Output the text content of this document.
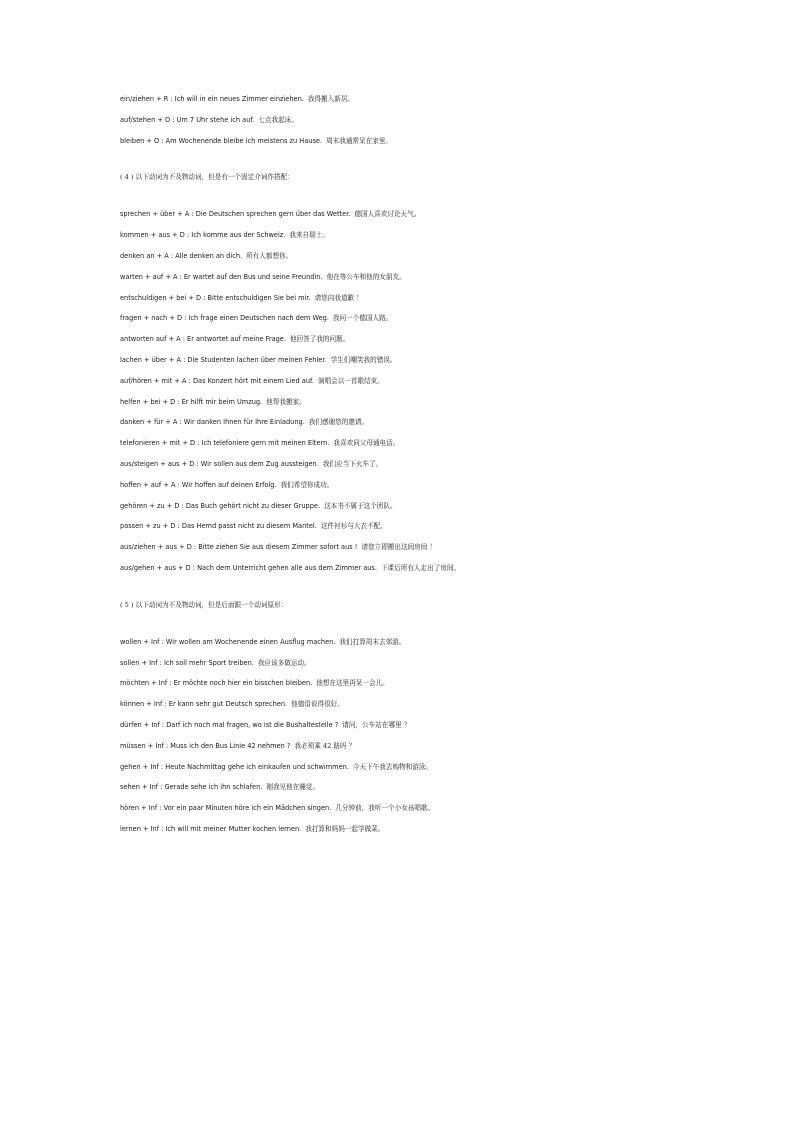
ein/ziehen + R : Ich will in ein neues Zimmer einziehen. 我得搬入新居。
auf/stehen + O : Um 7 Uhr stehe ich auf. 七点我起床。
bleiben + O : Am Wochenende bleibe ich meistens zu Hause. 周末我通常呆在家里。
( 4 ) 以下动词为不及物动词，但是有一个固定介词作搭配：
sprechen + über + A : Die Deutschen sprechen gern über das Wetter. 德国人喜欢讨论天气。
kommen + aus + D : Ich komme aus der Schweiz. 我来自瑞士。
denken an + A : Alle denken an dich. 所有人都想你。
warten + auf + A : Er wartet auf den Bus und seine Freundin. 他在等公车和他的女朋友。
entschuldigen + bei + D : Bitte entschuldigen Sie bei mir. 请您向我道歉 ！
fragen + nach + D : Ich frage einen Deutschen nach dem Weg. 我问一个德国人路。
antworten auf + A : Er antwortet auf meine Frage. 他回答了我的问题。
lachen + über + A : Die Studenten lachen über meinen Fehler. 学生们嘲笑我的错误。
auf/hören + mit + A : Das Konzert hört mit einem Lied auf. 演唱会以一首歌结束。
helfen + bei + D : Er hilft mir beim Umzug. 他帮我搬家。
danken + für + A : Wir danken Ihnen für Ihre Einladung. 我们感谢您的邀请。
telefonieren + mit + D : Ich telefoniere gern mit meinen Eltern. 我喜欢同父母通电话。
aus/steigen + aus + D : Wir sollen aus dem Zug aussteigen. 我们应当下火车了。
hoffen + auf + A : Wir hoffen auf deinen Erfolg. 我们希望你成功。
gehören + zu + D : Das Buch gehört nicht zu dieser Gruppe. 这本书不属于这个团队。
passen + zu + D : Das Hemd passt nicht zu diesem Mantel. 这件衬衫与大衣不配。
aus/ziehen + aus + D : Bitte ziehen Sie aus diesem Zimmer sofort aus ! 请您立即搬出这间房间 ！
aus/gehen + aus + D : Nach dem Unterricht gehen alle aus dem Zimmer aus. 下课后所有人走出了房间。
( 5 ) 以下动词为不及物动词，但是后面跟一个动词原形：
wollen + Inf : Wir wollen am Wochenende einen Ausflug machen. 我们打算周末去郊游。
sollen + Inf : Ich soll mehr Sport treiben. 我应该多做运动。
möchten + Inf : Er möchte noch hier ein bisschen bleiben. 他想在这里再呆一会儿。
können + Inf : Er kann sehr gut Deutsch sprechen. 他德语说得很好。
dürfen + Inf : Darf ich noch mal fragen, wo ist die Bushaltestelle ? 请问，公车站在哪里 ？
müssen + Inf : Muss ich den Bus Linie 42 nehmen ? 我必须乘 42 路吗 ？
gehen + Inf : Heute Nachmittag gehe ich einkaufen und schwimmen. 今天下午我去购物和游泳。
sehen + Inf : Gerade sehe ich ihn schlafen. 刚我见他在睡觉。
hören + Inf : Vor ein paar Minuten höre ich ein Mädchen singen. 几分钟前，我听一个小女孩唱歌。
lernen + Inf : Ich will mit meiner Mutter kochen lernen. 我打算和妈妈一起学做菜。
